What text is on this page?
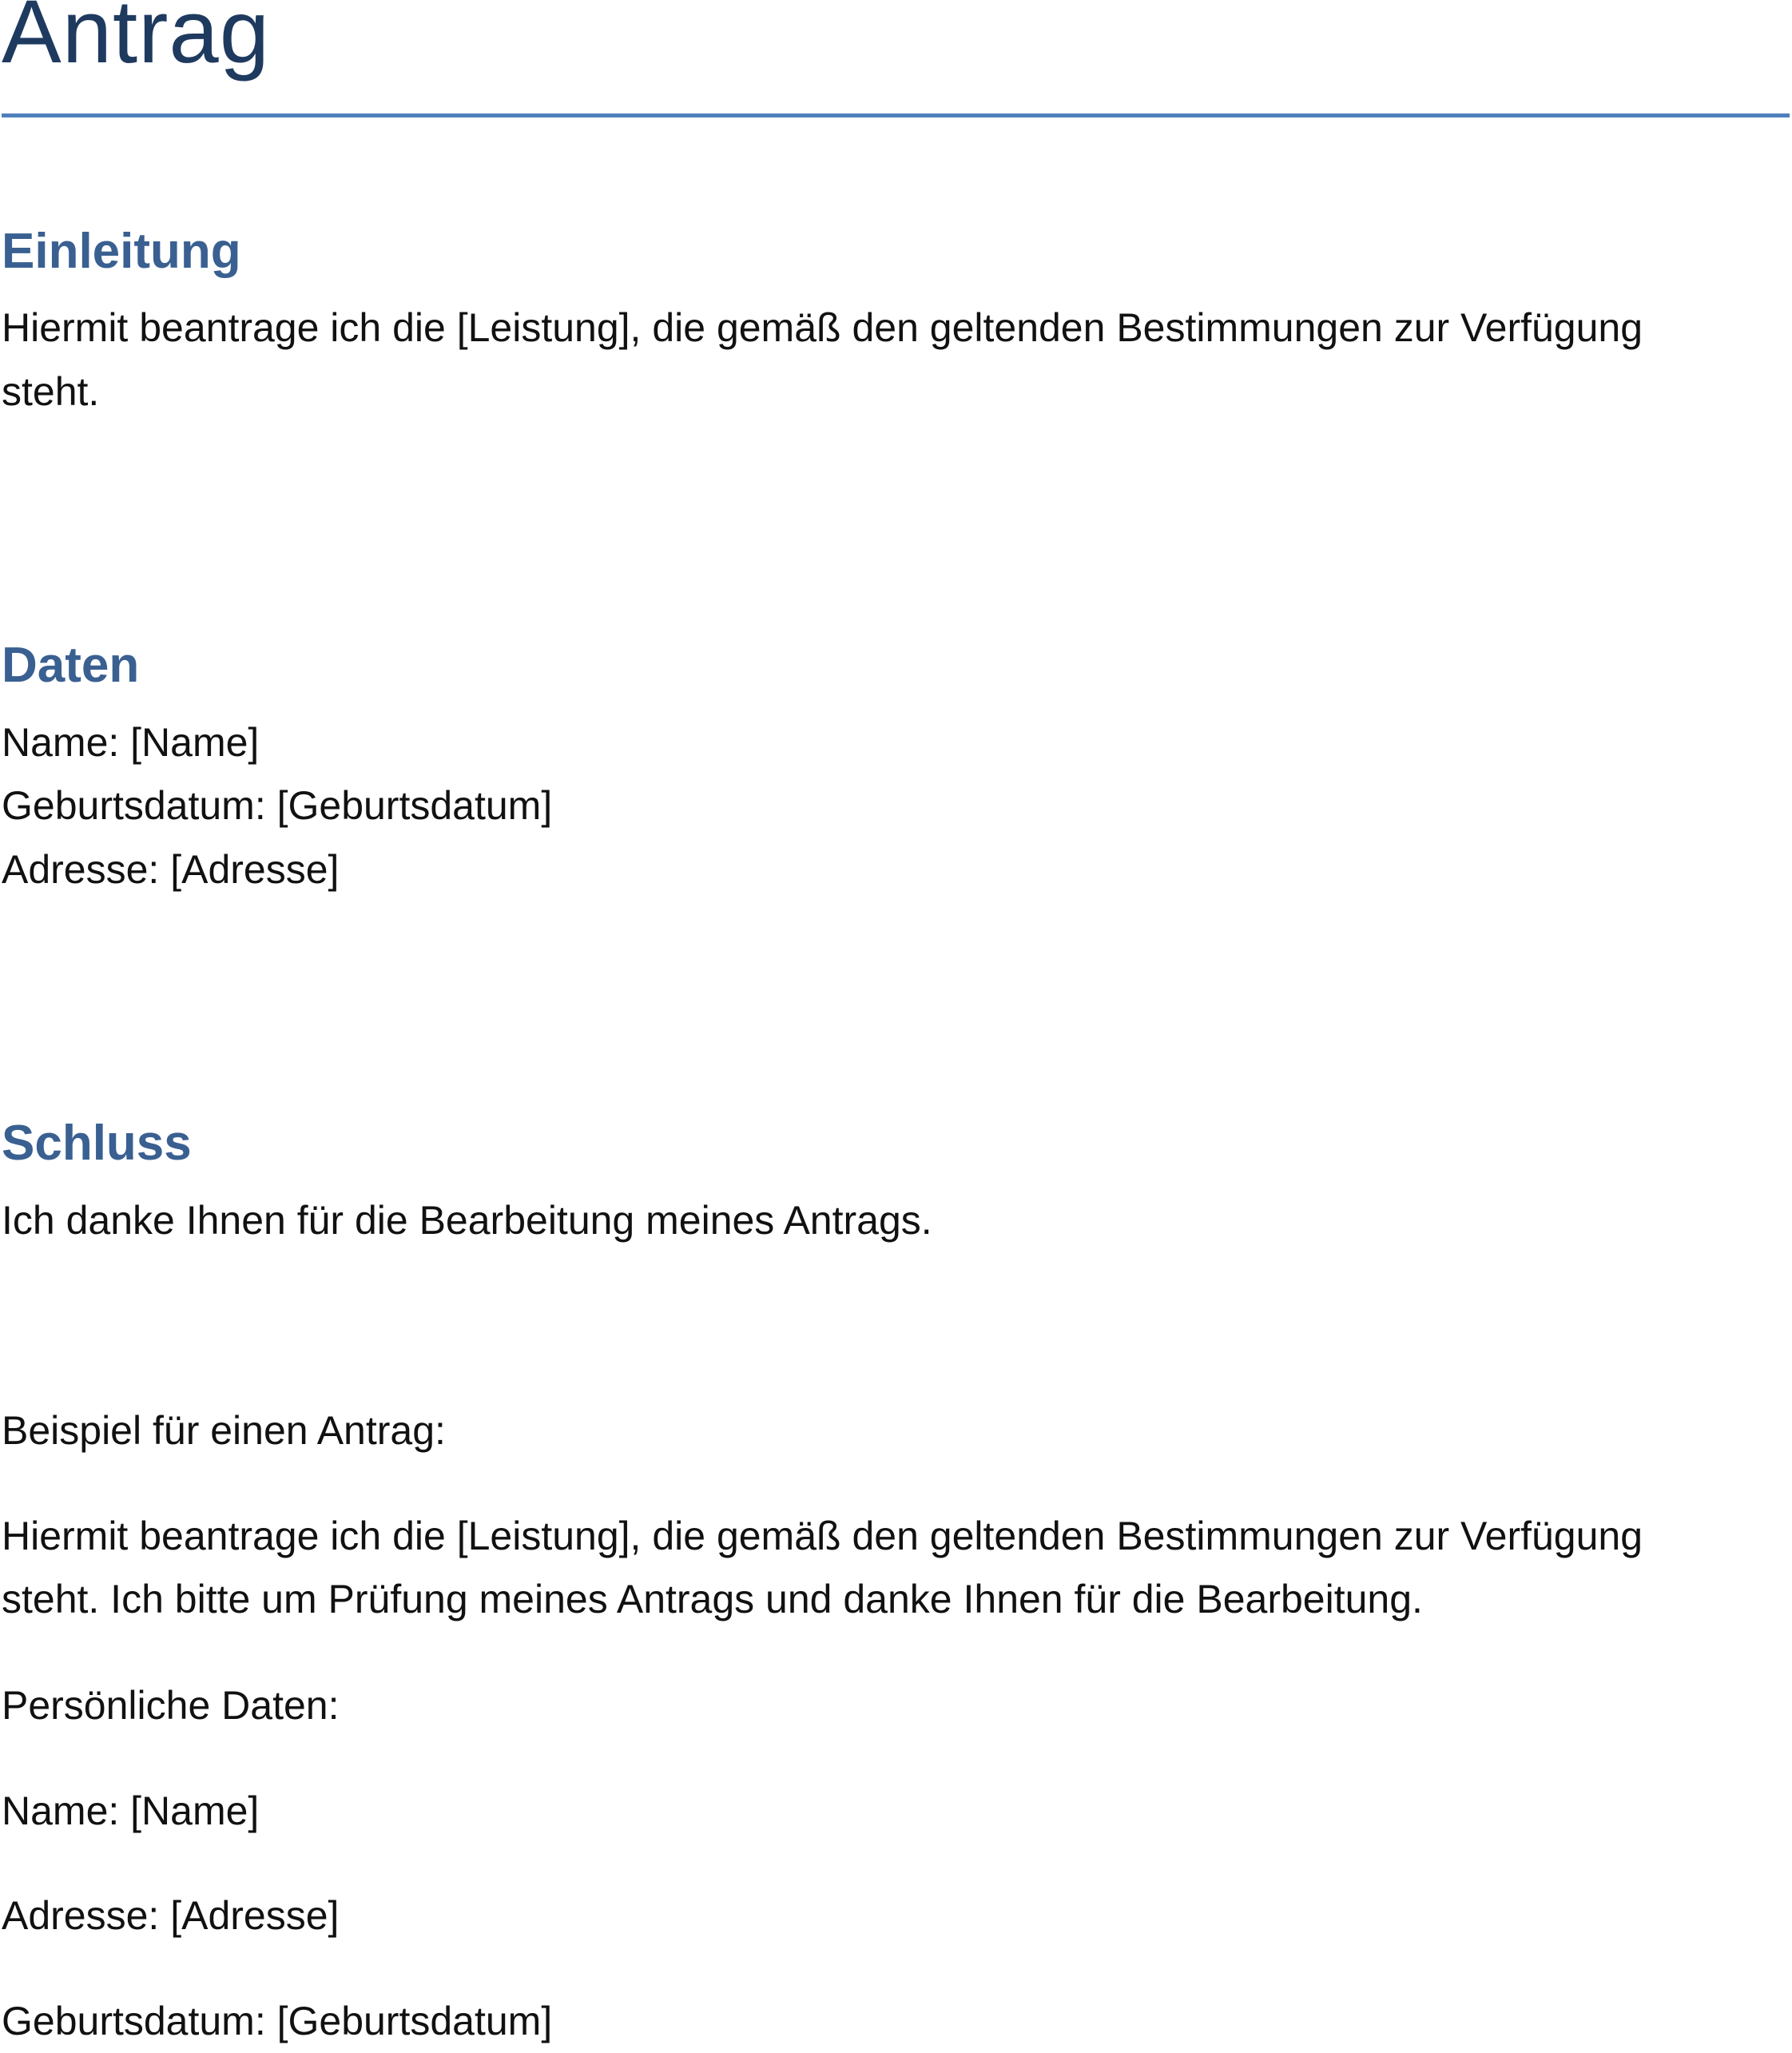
Antrag
Einleitung

Hiermit beantrage ich die [Leistung], die gemäß den geltenden Bestimmungen zur Verfügung

steht.

Daten

Name: [Name]

Geburtsdatum: [Geburtsdatum]

Adresse: [Adresse]

Schluss

Ich danke Ihnen für die Bearbeitung meines Antrags.

Beispiel für einen Antrag:

Hiermit beantrage ich die [Leistung], die gemäß den geltenden Bestimmungen zur Verfügung

steht. Ich bitte um Prüfung meines Antrags und danke Ihnen für die Bearbeitung.

Persönliche Daten:

Name: [Name]

Adresse: [Adresse]

Geburtsdatum: [Geburtsdatum]
